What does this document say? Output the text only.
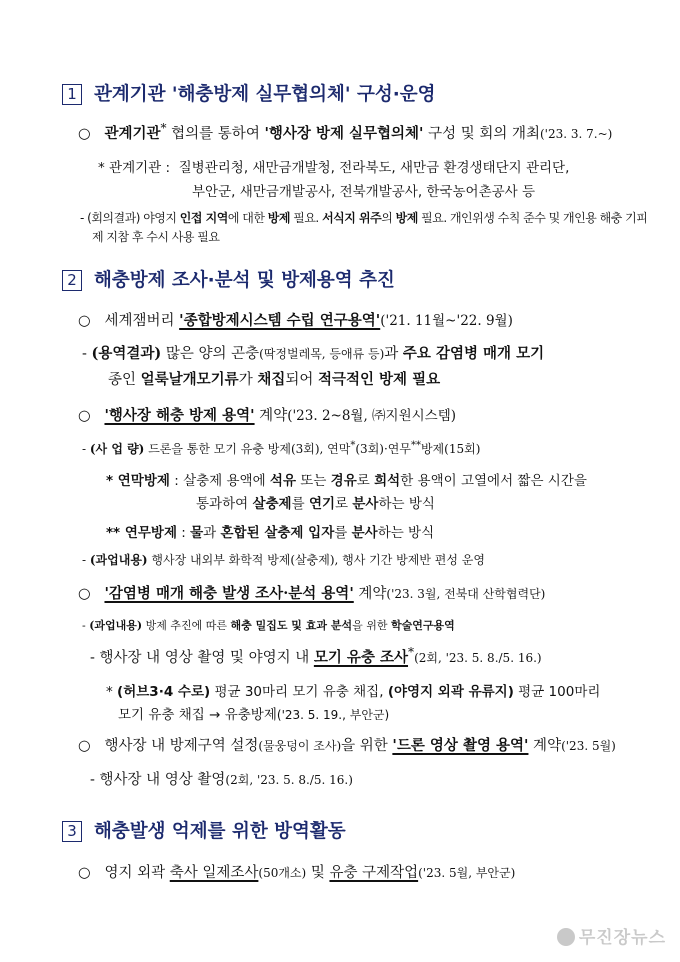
1 관계기관 '해충방제 실무협의체' 구성·운영
○ 관계기관* 협의를 통하여 '행사장 방제 실무협의체' 구성 및 회의 개최('23. 3. 7.~)
* 관계기관 : 질병관리청, 새만금개발청, 전라북도, 새만금 환경생태단지 관리단,
부안군, 새만금개발공사, 전북개발공사, 한국농어촌공사 등
- (회의결과) 야영지 인접 지역에 대한 방제 필요. 서식지 위주의 방제 필요. 개인위생 수칙 준수 및 개인용 해충 기피
제 지참 후 수시 사용 필요
2 해충방제 조사·분석 및 방제용역 추진
○ 세계잼버리 '종합방제시스템 수립 연구용역'('21. 11월~'22. 9월)
- (용역결과) 많은 양의 곤충(딱정벌레목, 등애류 등)과 주요 감염병 매개 모기
종인 얼룩날개모기류가 채집되어 적극적인 방제 필요
○ '행사장 해충 방제 용역' 계약('23. 2~8월, ㈜지원시스템)
- (사 업 량) 드론을 통한 모기 유충 방제(3회), 연막*(3회)·연무**방제(15회)
* 연막방제 : 살충제 용액에 석유 또는 경유로 희석한 용액이 고열에서 짧은 시간을
통과하여 살충제를 연기로 분사하는 방식
** 연무방제 : 물과 혼합된 살충제 입자를 분사하는 방식
- (과업내용) 행사장 내외부 화학적 방제(살충제), 행사 기간 방제반 편성 운영
○ '감염병 매개 해충 발생 조사·분석 용역' 계약('23. 3월, 전북대 산학협력단)
- (과업내용) 방제 추진에 따른 해충 밀집도 및 효과 분석을 위한 학술연구용역
- 행사장 내 영상 촬영 및 야영지 내 모기 유충 조사*(2회, '23. 5. 8./5. 16.)
* (허브3·4 수로) 평균 30마리 모기 유충 채집, (야영지 외곽 유류지) 평균 100마리
모기 유충 채집 → 유충방제('23. 5. 19., 부안군)
○ 행사장 내 방제구역 설정(물웅덩이 조사)을 위한 '드론 영상 촬영 용역' 계약('23. 5월)
- 행사장 내 영상 촬영(2회, '23. 5. 8./5. 16.)
3 해충발생 억제를 위한 방역활동
○ 영지 외곽 축사 일제조사(50개소) 및 유충 구제작업('23. 5월, 부안군)
무진장뉴스
